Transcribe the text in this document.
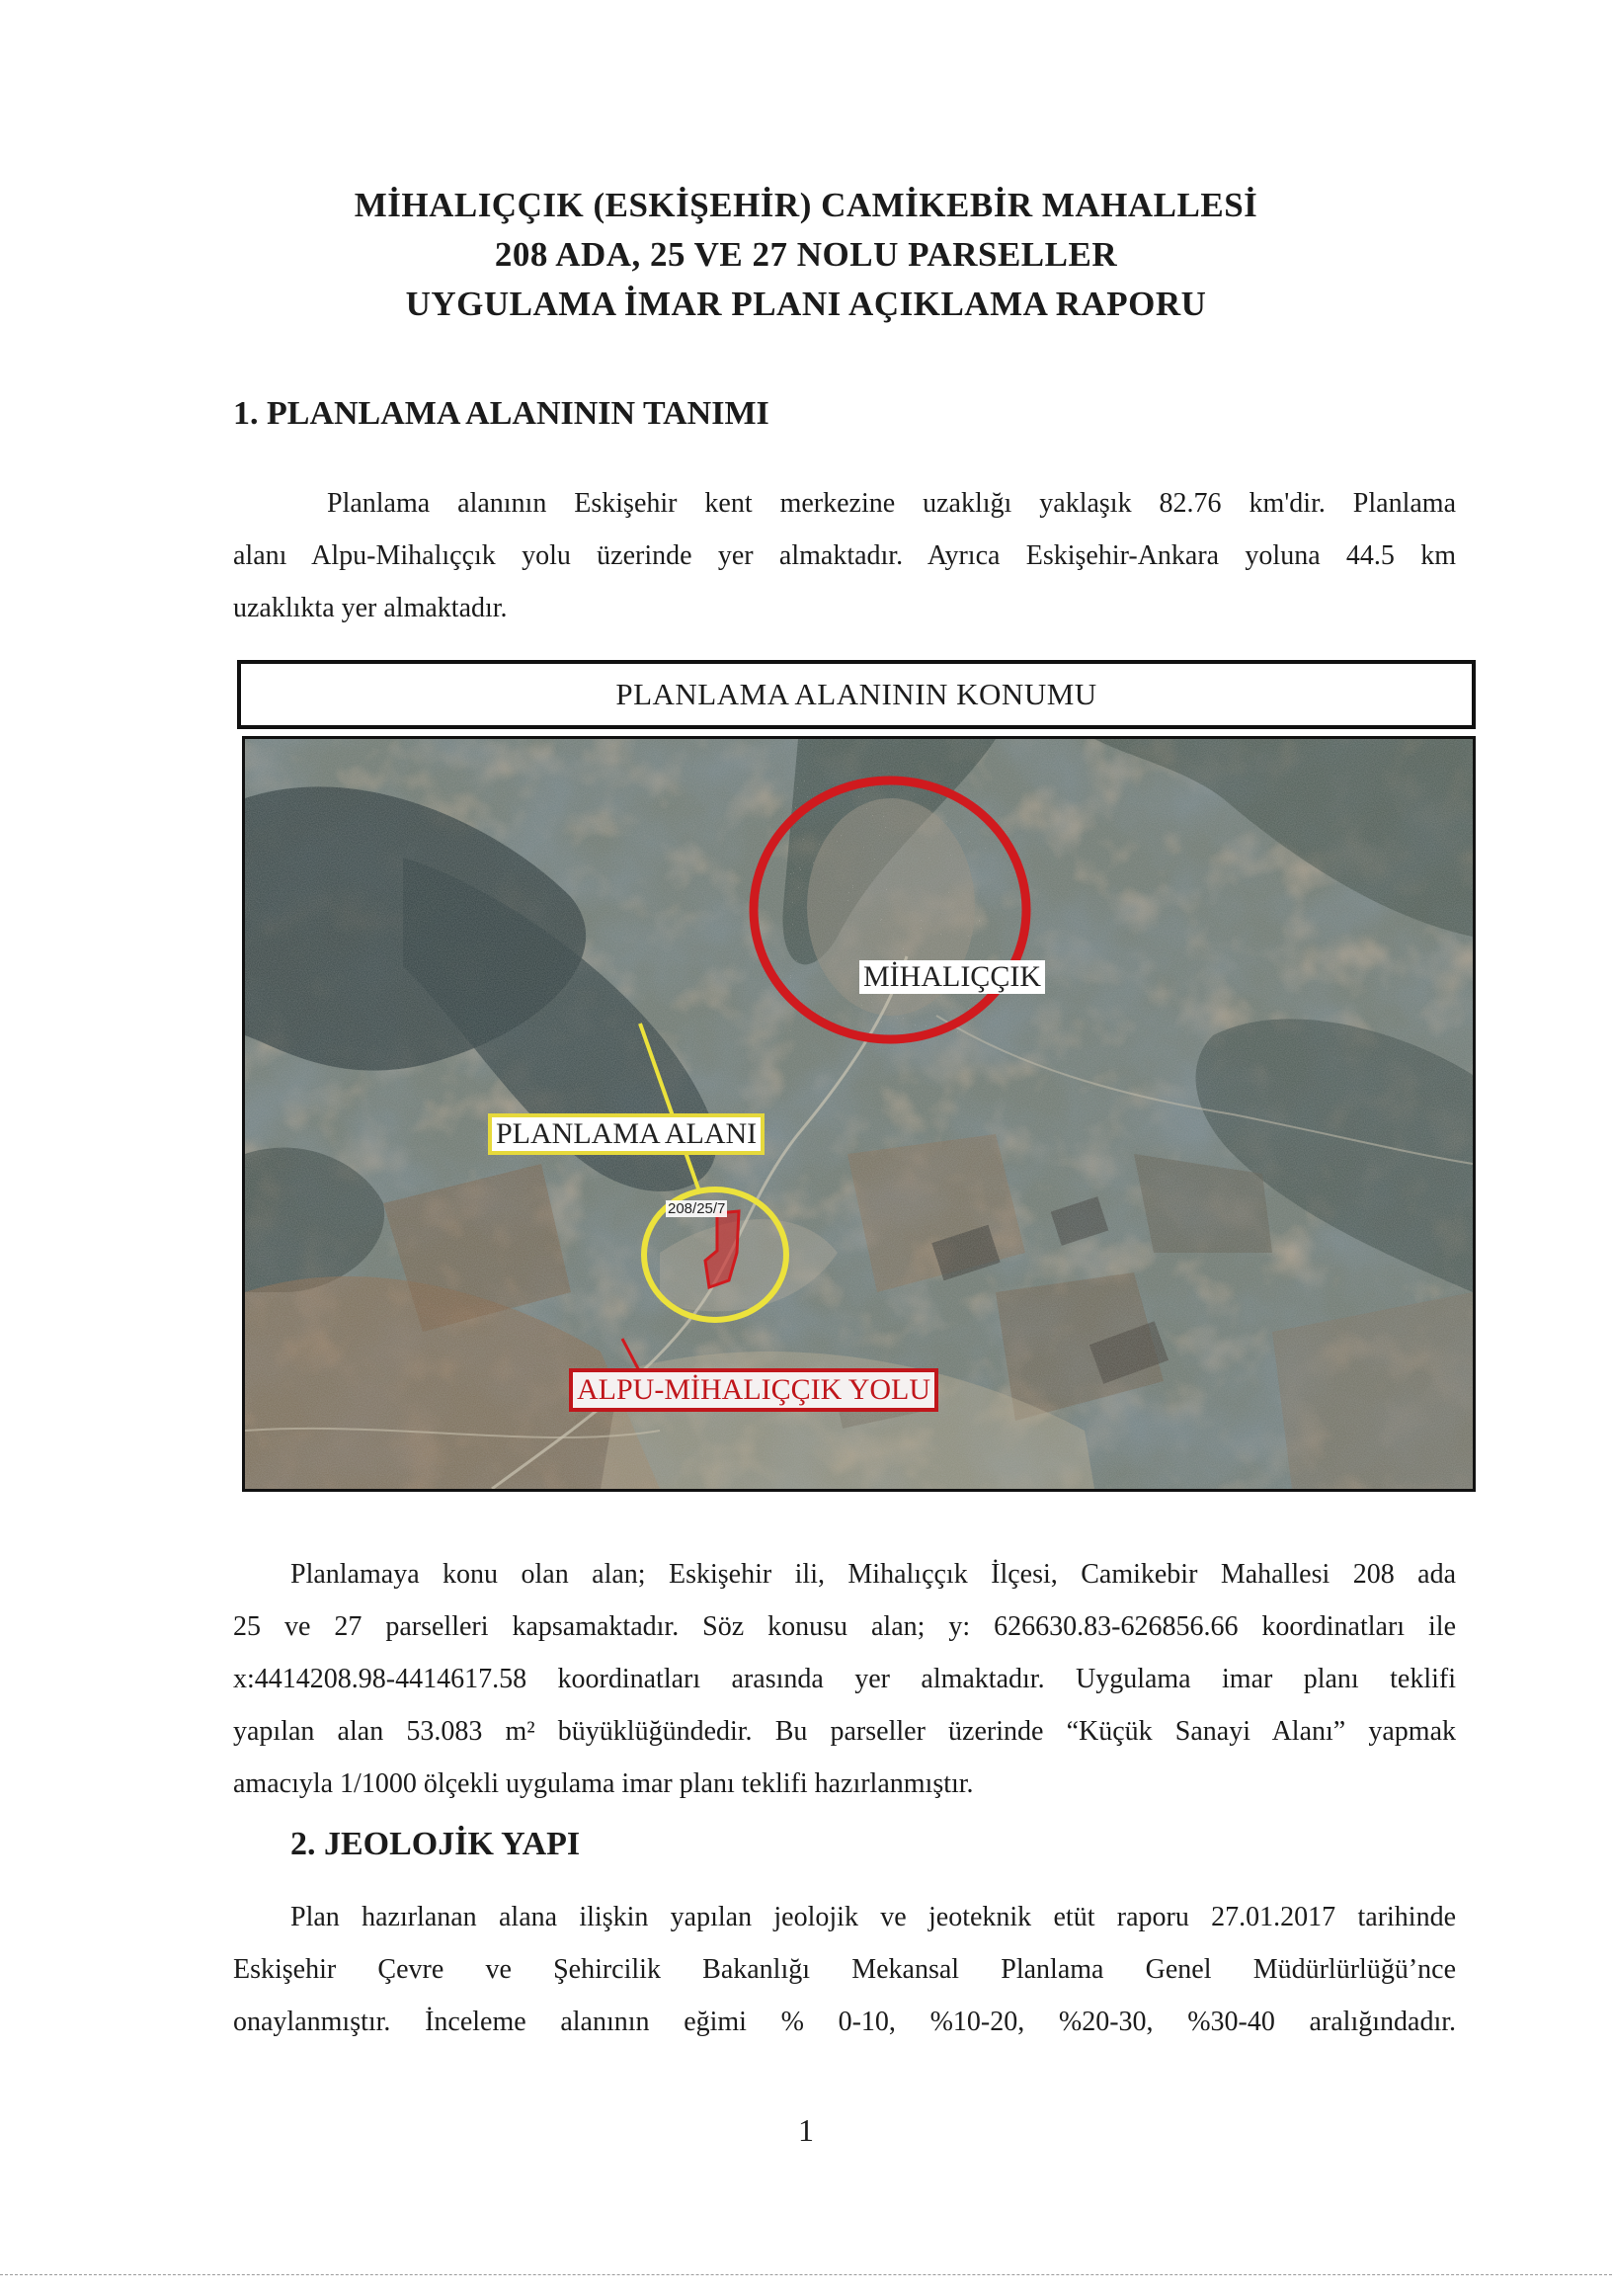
MİHALIÇÇIK (ESKİŞEHİR) CAMİKEBİR MAHALLESİ
208 ADA, 25 VE 27 NOLU PARSELLER
UYGULAMA İMAR PLANI AÇIKLAMA RAPORU
1. PLANLAMA ALANININ TANIMI
Planlama alanının Eskişehir kent merkezine uzaklığı yaklaşık 82.76 km'dir. Planlama
alanı Alpu-Mihalıççık yolu üzerinde yer almaktadır. Ayrıca Eskişehir-Ankara yoluna 44.5 km
uzaklıkta yer almaktadır.
PLANLAMA ALANININ KONUMU
MİHALIÇÇIK
PLANLAMA ALANI
208/25/7
ALPU-MİHALIÇÇIK YOLU
Planlamaya konu olan alan; Eskişehir ili, Mihalıççık İlçesi, Camikebir Mahallesi 208 ada
25 ve 27 parselleri kapsamaktadır. Söz konusu alan; y: 626630.83-626856.66 koordinatları ile
x:4414208.98-4414617.58 koordinatları arasında yer almaktadır. Uygulama imar planı teklifi
yapılan alan 53.083 m² büyüklüğündedir. Bu parseller üzerinde “Küçük Sanayi Alanı” yapmak
amacıyla 1/1000 ölçekli uygulama imar planı teklifi hazırlanmıştır.
2. JEOLOJİK YAPI
Plan hazırlanan alana ilişkin yapılan jeolojik ve jeoteknik etüt raporu 27.01.2017 tarihinde
Eskişehir Çevre ve Şehircilik Bakanlığı Mekansal Planlama Genel Müdürlürlüğü’nce
onaylanmıştır. İnceleme alanının eğimi % 0-10, %10-20, %20-30, %30-40 aralığındadır.
1
